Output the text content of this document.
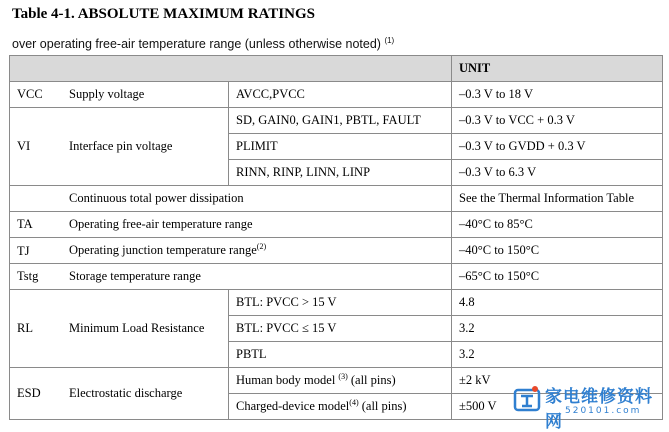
Table 4-1. ABSOLUTE MAXIMUM RATINGS
over operating free-air temperature range (unless otherwise noted) $^{(1)}$
		UNIT
VCC Supply voltage	AVCC,PVCC	–0.3 V to 18 V
VI Interface pin voltage	SD, GAIN0, GAIN1, PBTL, FAULT	–0.3 V to VCC + 0.3 V
	PLIMIT	–0.3 V to GVDD + 0.3 V
	RINN, RINP, LINN, LINP	–0.3 V to 6.3 V
Continuous total power dissipation		See the Thermal Information Table
TA Operating free-air temperature range		–40°C to 85°C
TJ Operating junction temperature range$^{(2)}$		–40°C to 150°C
Tstg Storage temperature range		–65°C to 150°C
RL Minimum Load Resistance	BTL: PVCC > 15 V	4.8
	BTL: PVCC ≤ 15 V	3.2
	PBTL	3.2
ESD Electrostatic discharge	Human body model $^{(3)}$ (all pins)	±2 kV
	Charged-device model$^{(4)}$ (all pins)	±500 V	家电维修资料网
520101.com
